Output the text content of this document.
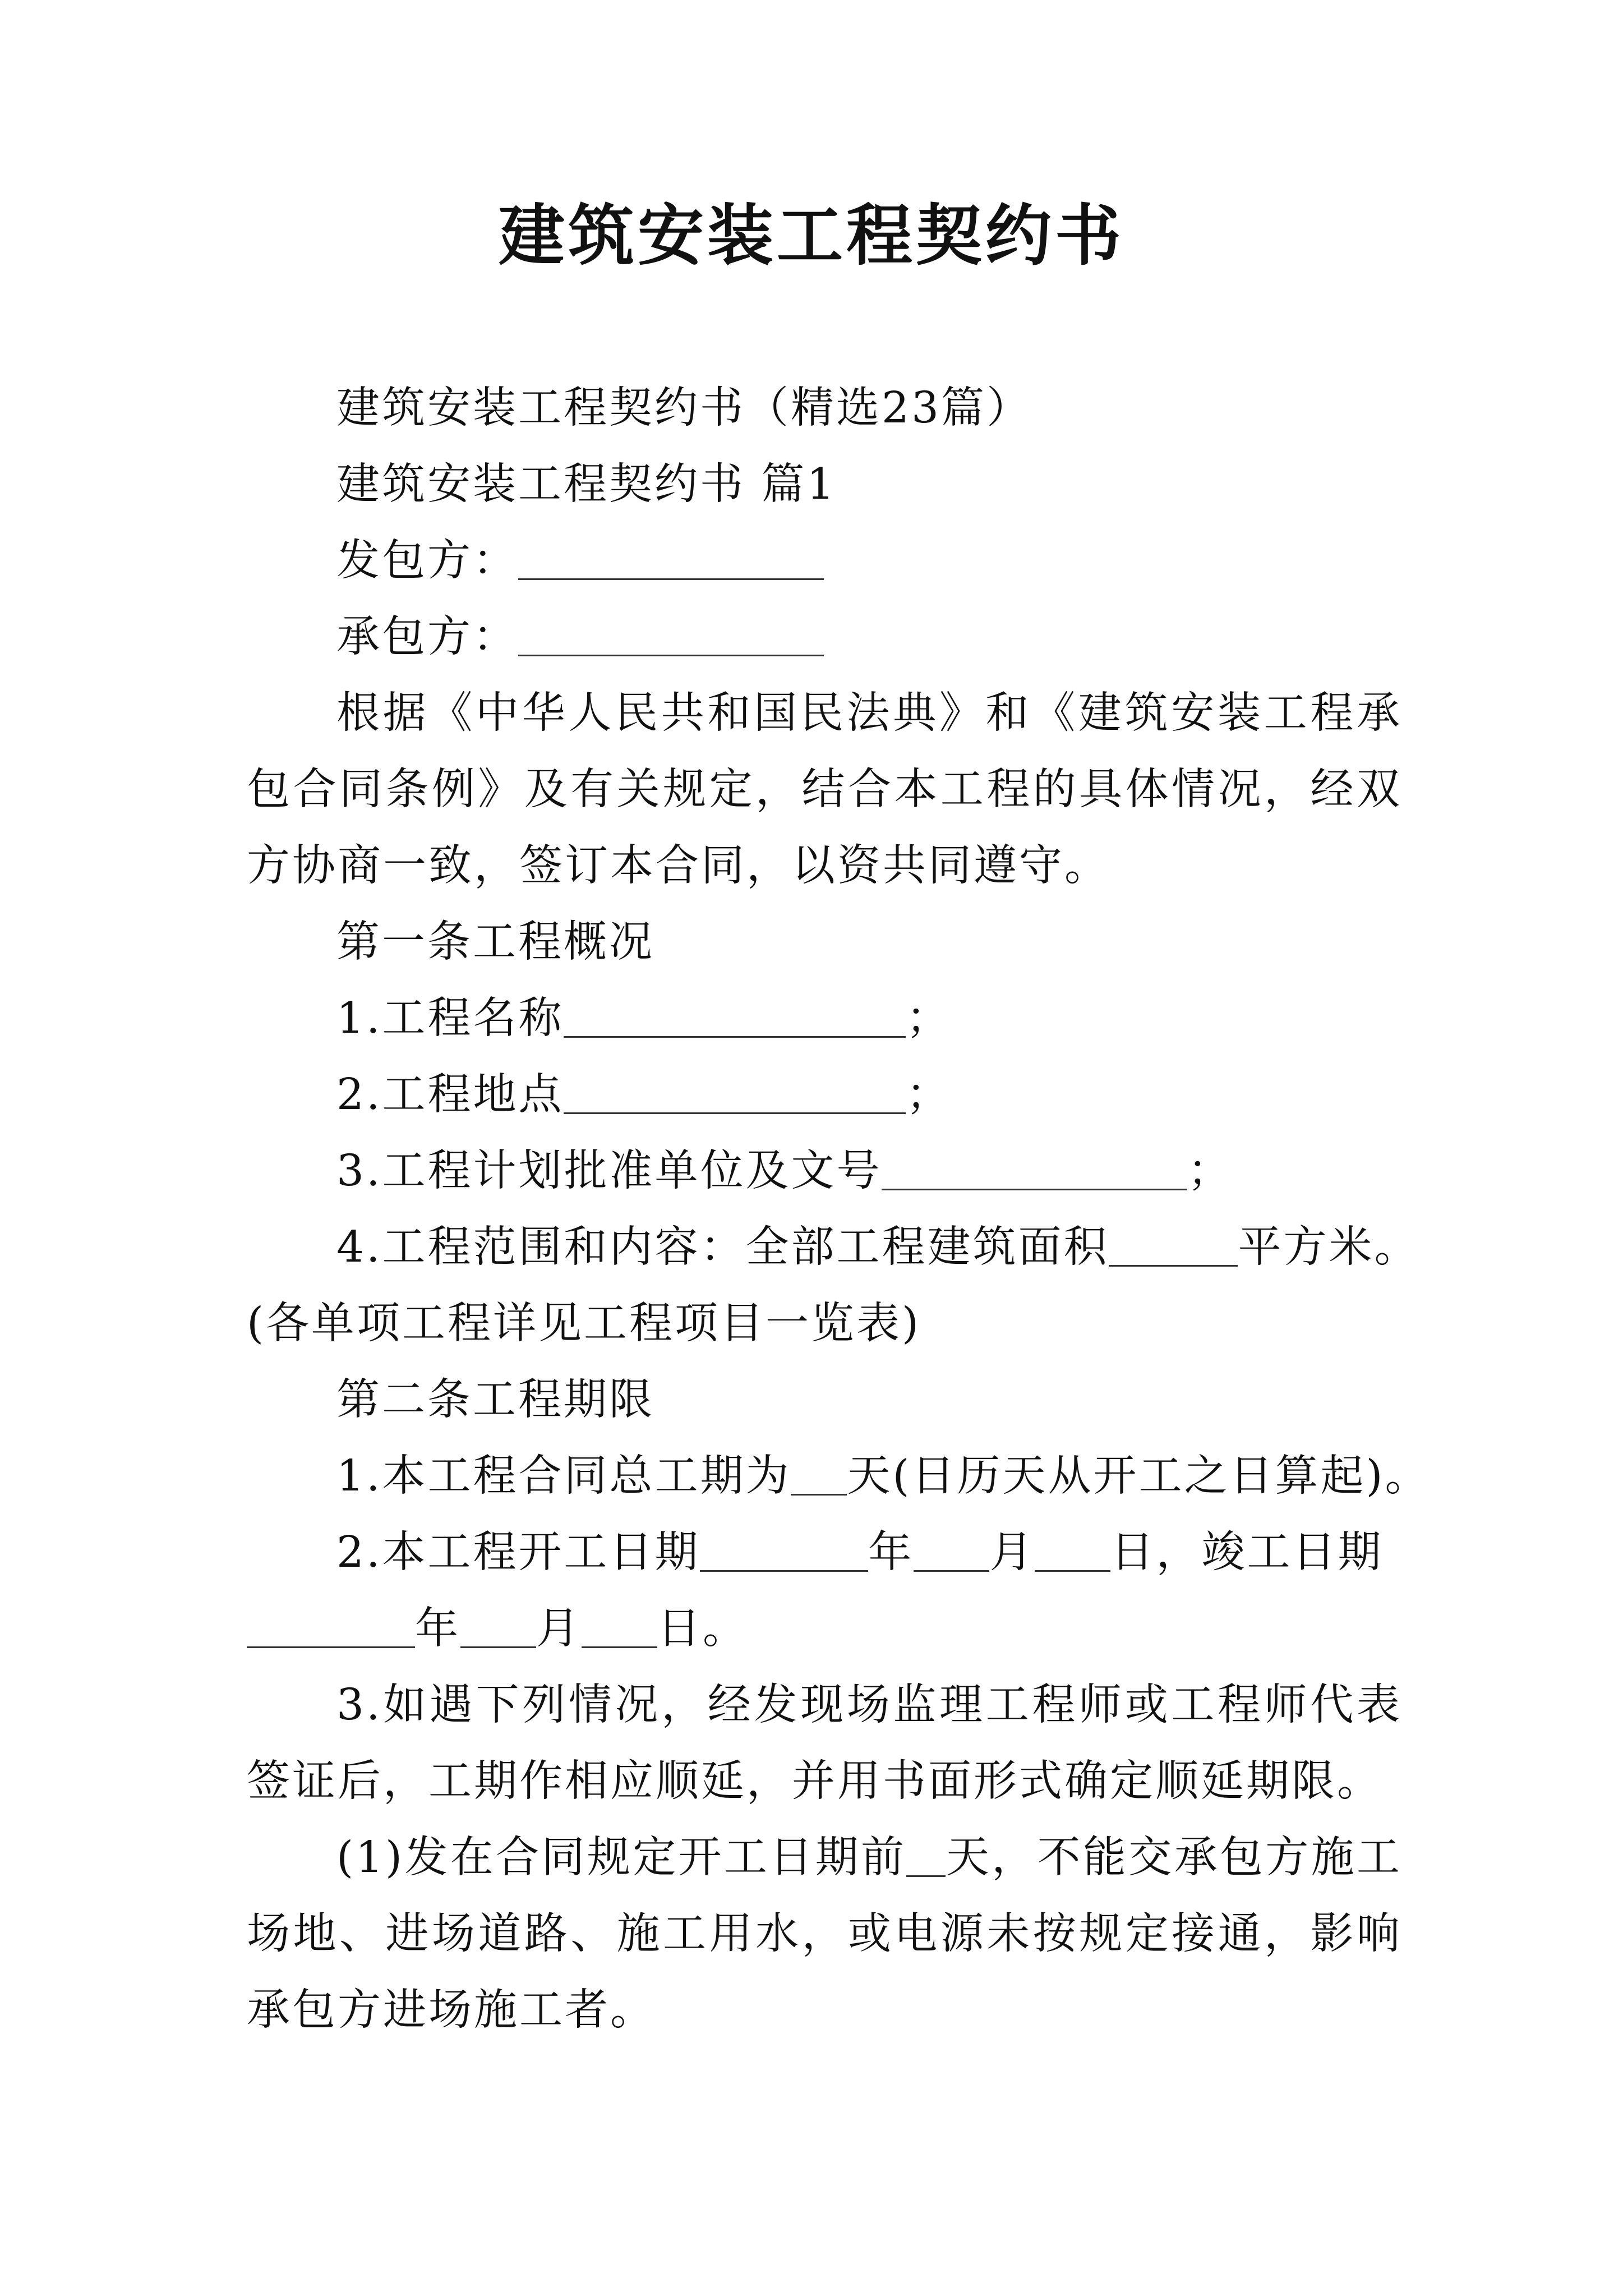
建筑安装工程契约书

建筑安装工程契约书（精选23篇）

建筑安装工程契约书 篇1

发包方：

承包方：

根据《中华人民共和国民法典》和《建筑安装工程承包合同条例》及有关规定，结合本工程的具体情况，经双方协商一致，签订本合同，以资共同遵守。

第一条工程概况

1.工程名称	；

2.工程地点	；

3.工程计划批准单位及文号	；

4.工程范围和内容：全部工程建筑面积	平方米。

(各单项工程详见工程项目一览表)

第二条工程期限

1.本工程合同总工期为 天(日历天从开工之日算起)。

2.本工程开工日期	年 月 日，竣工日期

年 月 日。

3.如遇下列情况，经发现场监理工程师或工程师代表签证后，工期作相应顺延，并用书面形式确定顺延期限。

(1)发在合同规定开工日期前 天，不能交承包方施工场地、进场道路、施工用水，或电源未按规定接通，影响承包方进场施工者。
